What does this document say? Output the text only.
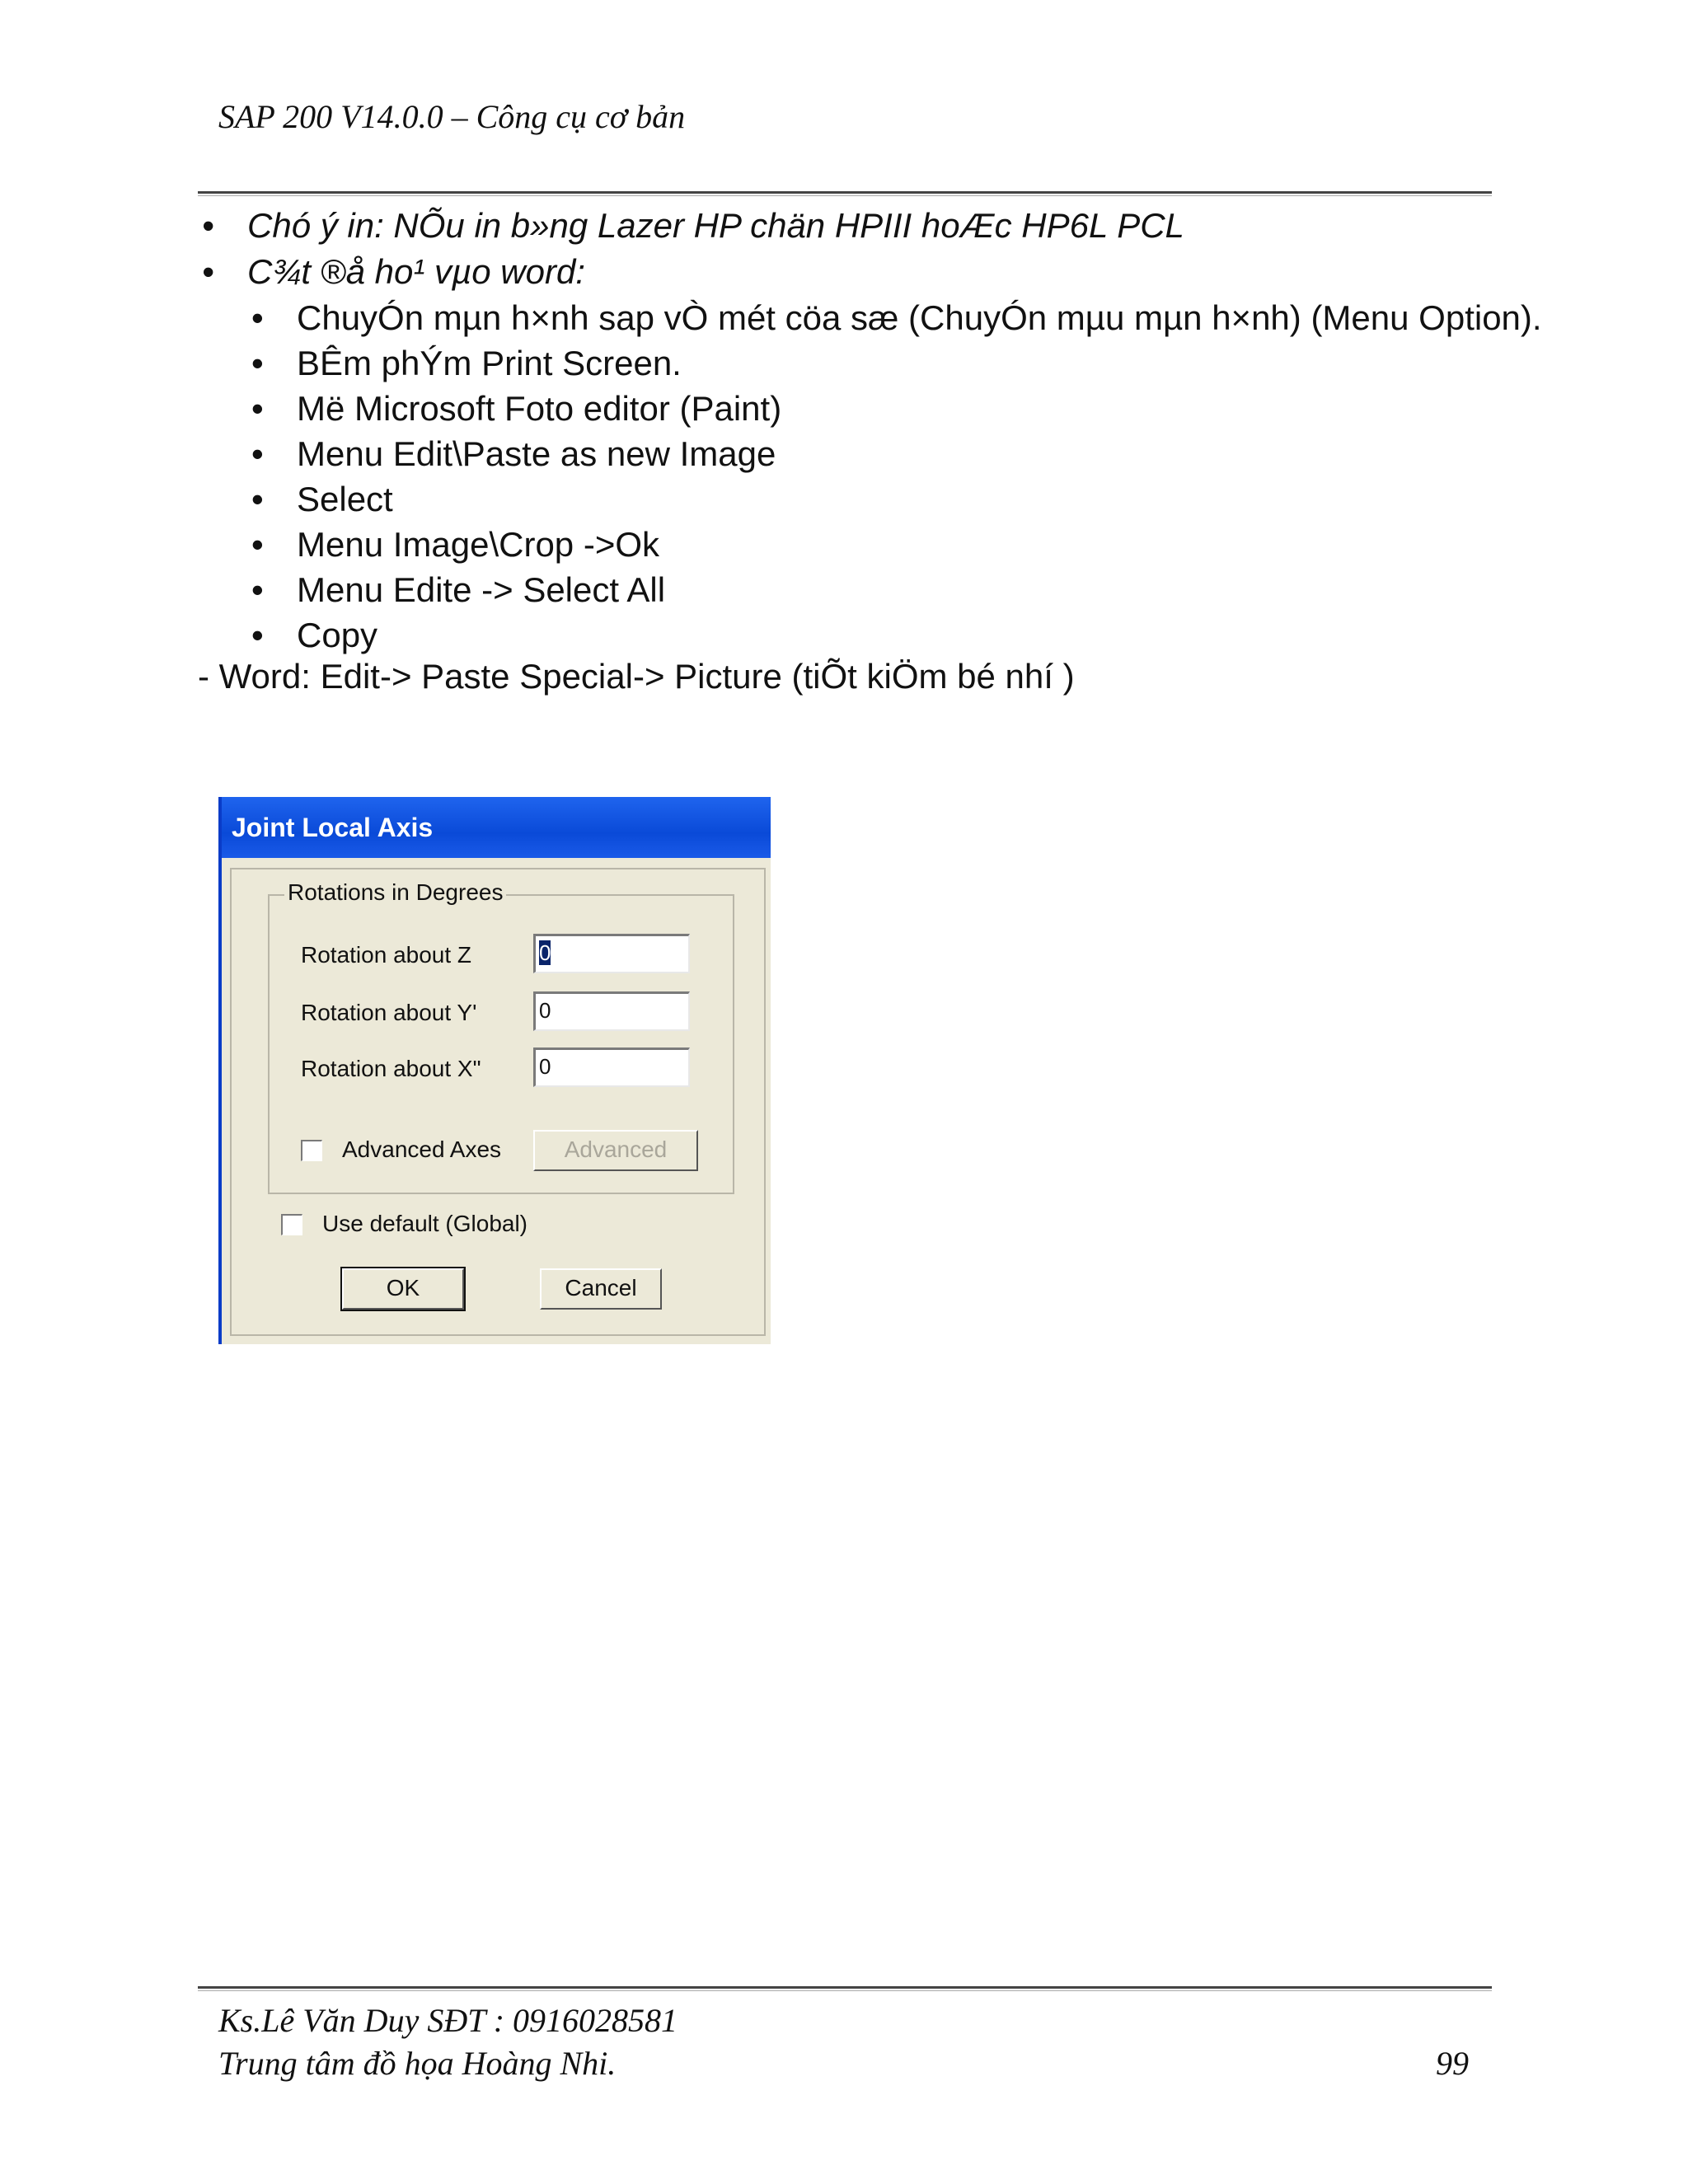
SAP 200 V14.0.0 – Công cụ cơ bản
• Chó ý in: NÕu in b»ng Lazer HP chän HPIII hoÆc HP6L PCL
• C¾t ®å ho¹ vµo word:
• ChuyÓn mµn h×nh sap vÒ mét cöa sæ (ChuyÓn mµu mµn h×nh) (Menu Option).
• BÊm phÝm Print Screen.
• Më Microsoft Foto editor (Paint)
• Menu Edit\Paste as new Image
• Select
• Menu Image\Crop ->Ok
• Menu Edite -> Select All
• Copy
- Word: Edit-> Paste Special-> Picture (tiÕt kiÖm bé nhí )
Joint Local Axis
Rotations in Degrees
Rotation about Z	0
Rotation about Y'	0
Rotation about X"	0
Advanced Axes	Advanced
Use default (Global)
OK	Cancel
Ks.Lê Văn Duy SĐT : 0916028581
Trung tâm đồ họa Hoàng Nhi.	99
